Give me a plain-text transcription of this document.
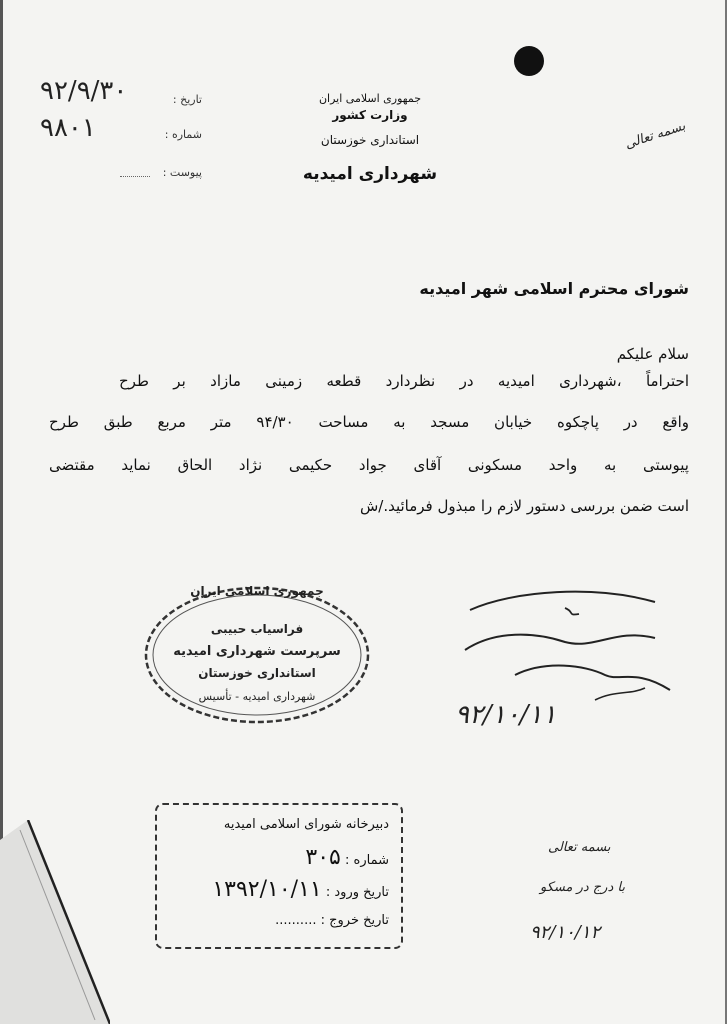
جمهوری اسلامی ایران
وزارت کشور
استانداری خوزستان
شهرداری امیدیه
تاریخ :
۹۲/۹/۳۰
شماره :
۹۸۰۱
پیوست :
بسمه تعالی
شورای محترم اسلامی شهر امیدیه
سلام علیکم
احتراماً ،شهرداری امیدیه در نظردارد قطعه زمینی مازاد بر طرح
واقع در پاچکوه خیابان مسجد به مساحت ۹۴/۳۰ متر مربع طبق طرح
پیوستی به واحد مسکونی آقای جواد حکیمی نژاد الحاق نماید مقتضی
است ضمن بررسی دستور لازم را مبذول فرمائید./ش
جمهوری اسلامی ایران
فراسیاب حبیبی
سرپرست شهرداری امیدیه
استانداری خوزستان
شهرداری امیدیه - تأسیس
۹۲/۱۰/۱۱
دبیرخانه شورای اسلامی امیدیه
شماره : ۳۰۵
تاریخ ورود : ۱۳۹۲/۱۰/۱۱
تاریخ خروج : ..........
بسمه تعالی
با درج در مسکو
۹۲/۱۰/۱۲
